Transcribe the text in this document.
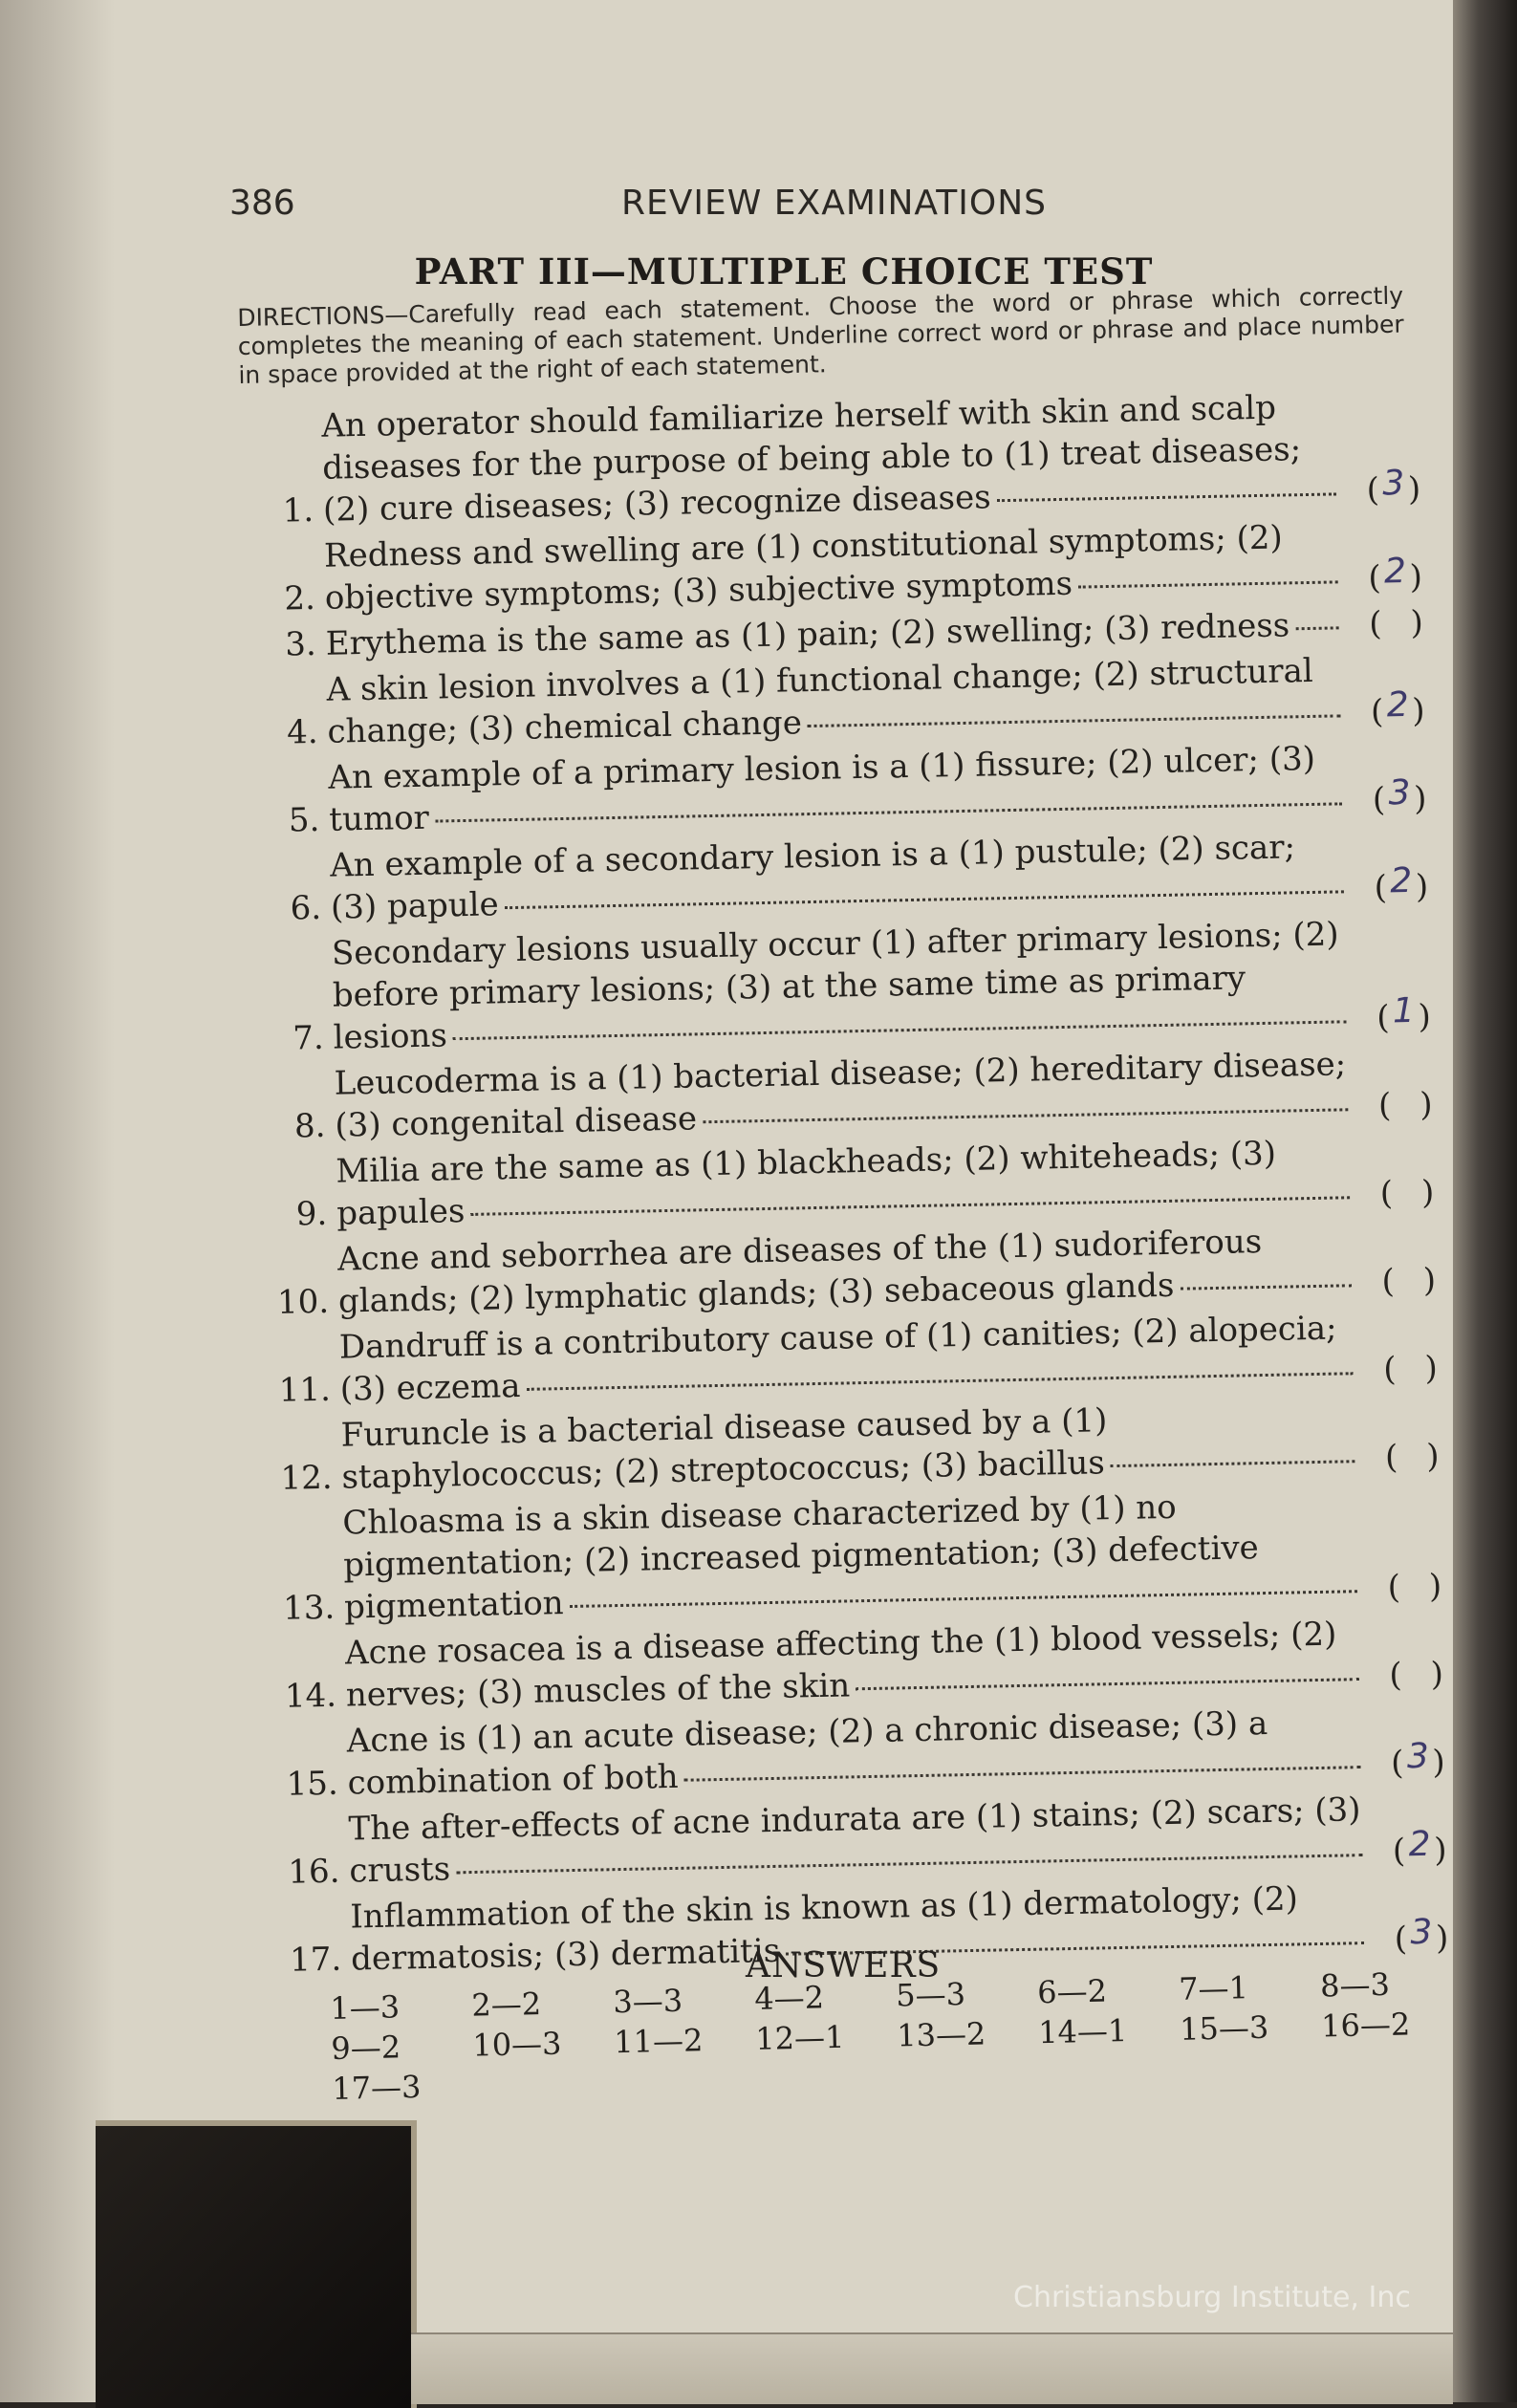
386	REVIEW EXAMINATIONS
PART III—MULTIPLE CHOICE TEST
DIRECTIONS—Carefully read each statement. Choose the word or phrase which correctly completes the meaning of each statement. Underline correct word or phrase and place number in space provided at the right of each statement.
1.
An operator should familiarize herself with skin and scalp diseases for the purpose of being able to (1) treat diseases; (2) cure diseases; (3) recognize diseases	(3)
2.
Redness and swelling are (1) constitutional symptoms; (2) objective symptoms; (3) subjective symptoms	(2)
3. Erythema is the same as (1) pain; (2) swelling; (3) redness	( )
4.
A skin lesion involves a (1) functional change; (2) structural change; (3) chemical change	(2)
5.
An example of a primary lesion is a (1) fissure; (2) ulcer; (3) tumor	(3)
6.
An example of a secondary lesion is a (1) pustule; (2) scar; (3) papule	(2)
7.
Secondary lesions usually occur (1) after primary lesions; (2) before primary lesions; (3) at the same time as primary lesions	(1)
8.
Leucoderma is a (1) bacterial disease; (2) hereditary disease; (3) congenital disease	( )
9.
Milia are the same as (1) blackheads; (2) whiteheads; (3) papules	( )
10.
Acne and seborrhea are diseases of the (1) sudoriferous glands; (2) lymphatic glands; (3) sebaceous glands	( )
11.
Dandruff is a contributory cause of (1) canities; (2) alopecia; (3) eczema	( )
12.
Furuncle is a bacterial disease caused by a (1) staphylococcus; (2) streptococcus; (3) bacillus	( )
13.
Chloasma is a skin disease characterized by (1) no pigmentation; (2) increased pigmentation; (3) defective pigmentation	( )
14.
Acne rosacea is a disease affecting the (1) blood vessels; (2) nerves; (3) muscles of the skin	( )
15.
Acne is (1) an acute disease; (2) a chronic disease; (3) a combination of both	(3)
16.
The after-effects of acne indurata are (1) stains; (2) scars; (3) crusts	(2)
17.
Inflammation of the skin is known as (1) dermatology; (2) dermatosis; (3) dermatitis	(3)
ANSWERS
1—3	2—2	3—3	4—2	5—3	6—2	7—1	8—3
9—2	10—3	11—2	12—1	13—2	14—1	15—3	16—2
17—3
Christiansburg Institute, Inc
